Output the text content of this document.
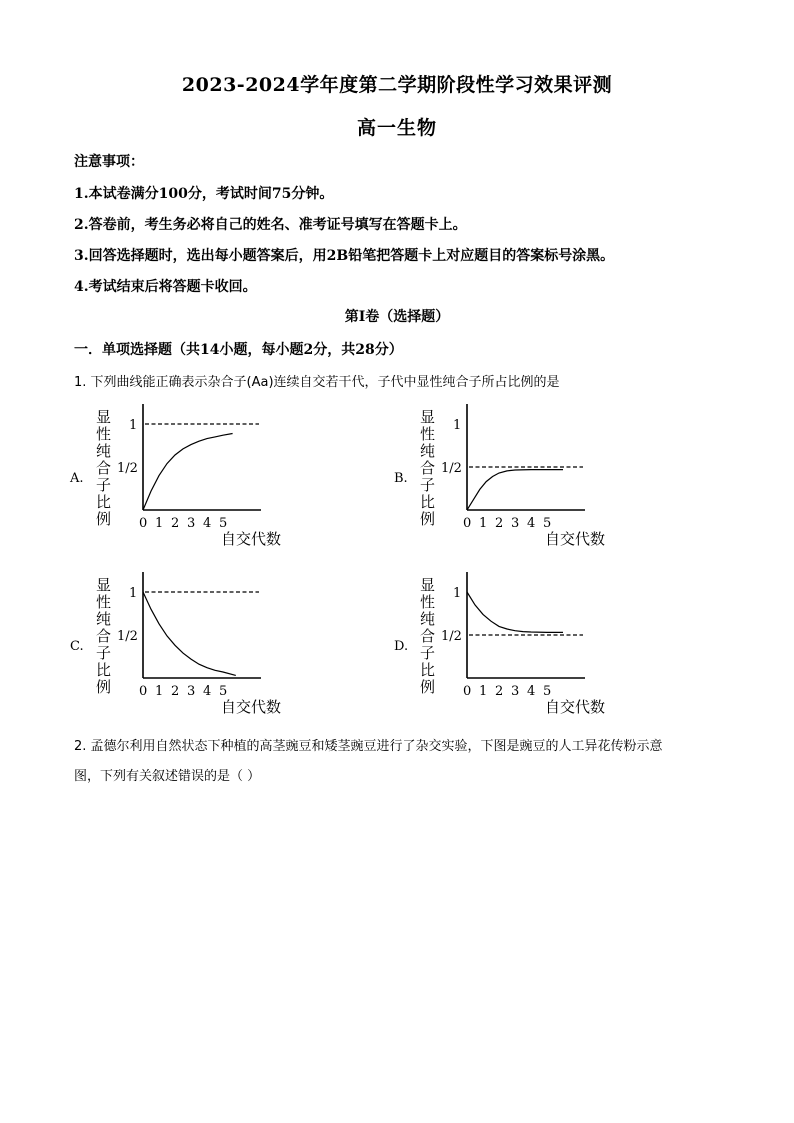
2023-2024学年度第二学期阶段性学习效果评测
高一生物
注意事项：
1.本试卷满分100分，考试时间75分钟。
2.答卷前，考生务必将自己的姓名、准考证号填写在答题卡上。
3.回答选择题时，选出每小题答案后，用2B铅笔把答题卡上对应题目的答案标号涂黑。
4.考试结束后将答题卡收回。
第I卷（选择题）
一．单项选择题（共14小题，每小题2分，共28分）
1. 下列曲线能正确表示杂合子(Aa)连续自交若干代，子代中显性纯合子所占比例的是
A.
显
性
纯
合
子
比
例
1
1/2
0 1 2 3 4 5
自交代数
B.
显
性
纯
合
子
比
例
1
1/2
0 1 2 3 4 5
自交代数
C.
显
性
纯
合
子
比
例
1
1/2
0 1 2 3 4 5
自交代数
D.
显
性
纯
合
子
比
例
1
1/2
0 1 2 3 4 5
自交代数
2. 孟德尔利用自然状态下种植的高茎豌豆和矮茎豌豆进行了杂交实验，下图是豌豆的人工异花传粉示意
图，下列有关叙述错误的是（ ）
